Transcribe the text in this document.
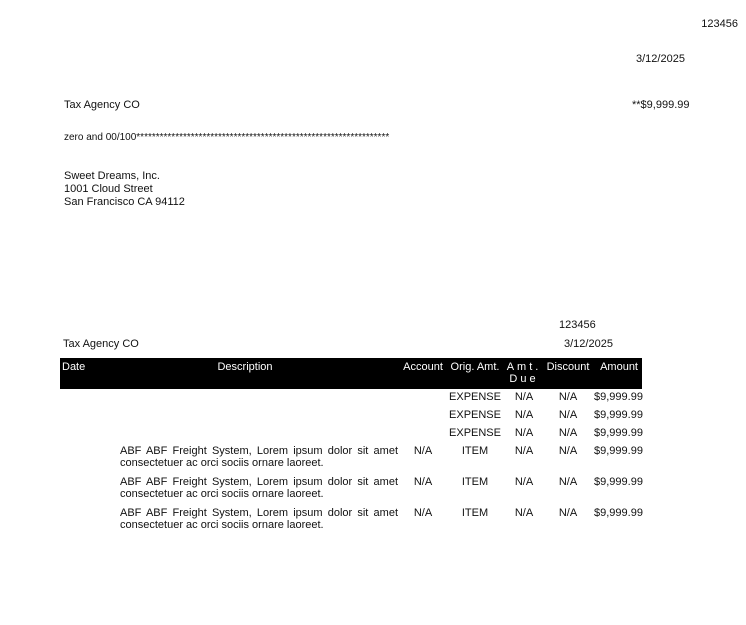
123456
3/12/2025
Tax Agency CO	**$9,999.99
zero and 00/100*****************************************************************
Sweet Dreams, Inc.
1001 Cloud Street
San Francisco CA 94112
123456
Tax Agency CO	3/12/2025
Date	Description	Account	Orig. Amt.	Amt. Due	Discount	Amount
			EXPENSE	N/A	N/A	$9,999.99
			EXPENSE	N/A	N/A	$9,999.99
			EXPENSE	N/A	N/A	$9,999.99
	ABF ABF Freight System, Lorem ipsum dolor sit amet consectetuer ac orci sociis ornare laoreet.	N/A	ITEM	N/A	N/A	$9,999.99
	ABF ABF Freight System, Lorem ipsum dolor sit amet consectetuer ac orci sociis ornare laoreet.	N/A	ITEM	N/A	N/A	$9,999.99
	ABF ABF Freight System, Lorem ipsum dolor sit amet consectetuer ac orci sociis ornare laoreet.	N/A	ITEM	N/A	N/A	$9,999.99
